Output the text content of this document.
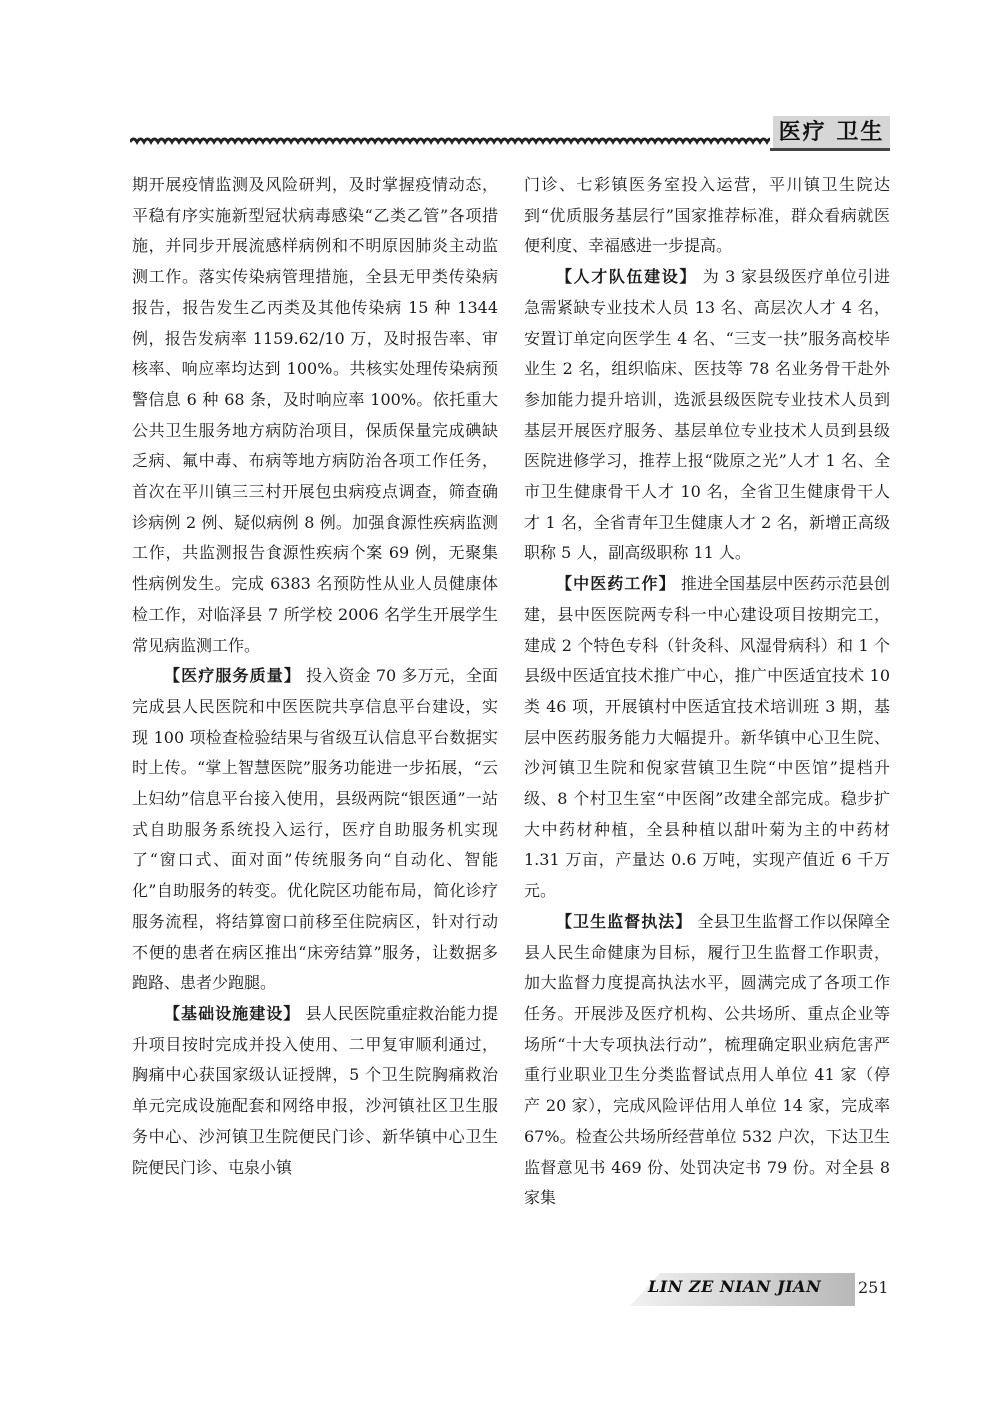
医疗 卫生

期开展疫情监测及风险研判，及时掌握疫情动态，平稳有序实施新型冠状病毒感染“乙类乙管”各项措施，并同步开展流感样病例和不明原因肺炎主动监测工作。落实传染病管理措施，全县无甲类传染病报告，报告发生乙丙类及其他传染病 15 种 1344 例，报告发病率 1159.62/10 万，及时报告率、审核率、响应率均达到 100%。共核实处理传染病预警信息 6 种 68 条，及时响应率 100%。依托重大公共卫生服务地方病防治项目，保质保量完成碘缺乏病、氟中毒、布病等地方病防治各项工作任务，首次在平川镇三三村开展包虫病疫点调查，筛查确诊病例 2 例、疑似病例 8 例。加强食源性疾病监测工作，共监测报告食源性疾病个案 69 例，无聚集性病例发生。完成 6383 名预防性从业人员健康体检工作，对临泽县 7 所学校 2006 名学生开展学生常见病监测工作。

【医疗服务质量】 投入资金 70 多万元，全面完成县人民医院和中医医院共享信息平台建设，实现 100 项检查检验结果与省级互认信息平台数据实时上传。“掌上智慧医院”服务功能进一步拓展，“云上妇幼”信息平台接入使用，县级两院“银医通”一站式自助服务系统投入运行，医疗自助服务机实现了“窗口式、面对面”传统服务向“自动化、智能化”自助服务的转变。优化院区功能布局，简化诊疗服务流程，将结算窗口前移至住院病区，针对行动不便的患者在病区推出“床旁结算”服务，让数据多跑路、患者少跑腿。

【基础设施建设】 县人民医院重症救治能力提升项目按时完成并投入使用、二甲复审顺利通过，胸痛中心获国家级认证授牌，5 个卫生院胸痛救治单元完成设施配套和网络申报，沙河镇社区卫生服务中心、沙河镇卫生院便民门诊、新华镇中心卫生院便民门诊、屯泉小镇

门诊、七彩镇医务室投入运营，平川镇卫生院达到“优质服务基层行”国家推荐标准，群众看病就医便利度、幸福感进一步提高。

【人才队伍建设】 为 3 家县级医疗单位引进急需紧缺专业技术人员 13 名、高层次人才 4 名，安置订单定向医学生 4 名、“三支一扶”服务高校毕业生 2 名，组织临床、医技等 78 名业务骨干赴外参加能力提升培训，选派县级医院专业技术人员到基层开展医疗服务、基层单位专业技术人员到县级医院进修学习，推荐上报“陇原之光”人才 1 名、全市卫生健康骨干人才 10 名，全省卫生健康骨干人才 1 名，全省青年卫生健康人才 2 名，新增正高级职称 5 人，副高级职称 11 人。

【中医药工作】 推进全国基层中医药示范县创建，县中医医院两专科一中心建设项目按期完工，建成 2 个特色专科（针灸科、风湿骨病科）和 1 个县级中医适宜技术推广中心，推广中医适宜技术 10 类 46 项，开展镇村中医适宜技术培训班 3 期，基层中医药服务能力大幅提升。新华镇中心卫生院、沙河镇卫生院和倪家营镇卫生院“中医馆”提档升级、8 个村卫生室“中医阁”改建全部完成。稳步扩大中药材种植，全县种植以甜叶菊为主的中药材 1.31 万亩，产量达 0.6 万吨，实现产值近 6 千万元。

【卫生监督执法】 全县卫生监督工作以保障全县人民生命健康为目标，履行卫生监督工作职责，加大监督力度提高执法水平，圆满完成了各项工作任务。开展涉及医疗机构、公共场所、重点企业等场所“十大专项执法行动”，梳理确定职业病危害严重行业职业卫生分类监督试点用人单位 41 家（停产 20 家），完成风险评估用人单位 14 家，完成率 67%。检查公共场所经营单位 532 户次，下达卫生监督意见书 469 份、处罚决定书 79 份。对全县 8 家集

LIN ZE NIAN JIAN 251
